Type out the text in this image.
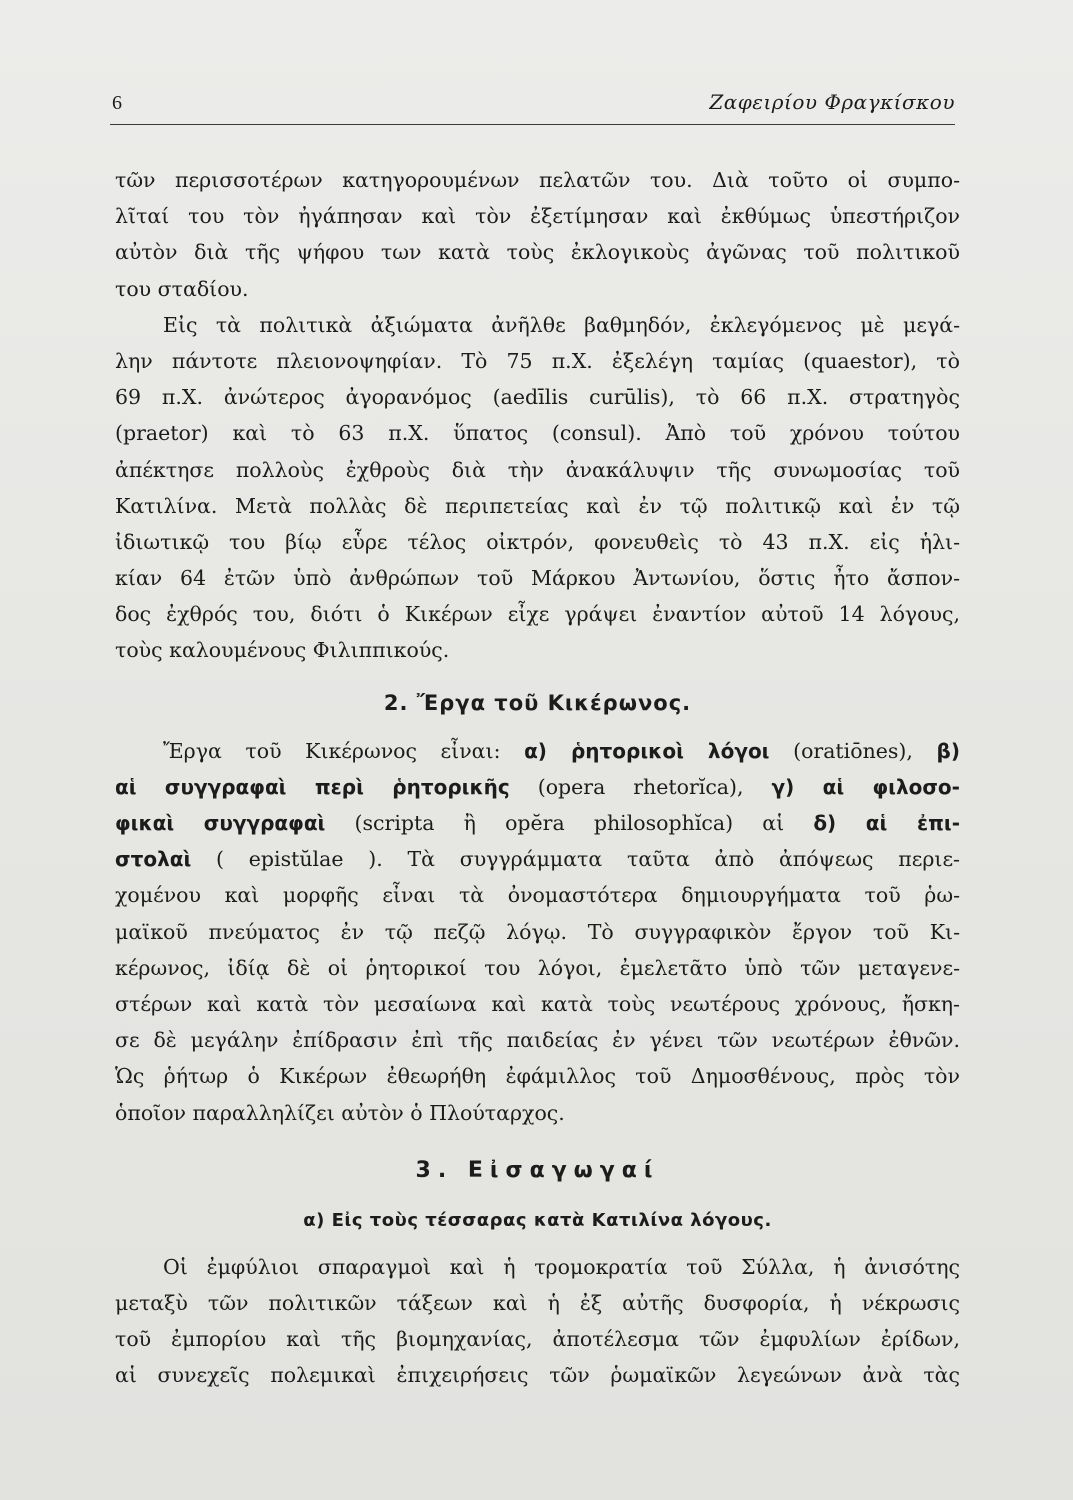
6	Ζαφειρίου Φραγκίσκου
τῶν περισσοτέρων κατηγορουμένων πελατῶν του. Διὰ τοῦτο οἱ συμπο-
λῖταί του τὸν ἠγάπησαν καὶ τὸν ἐξετίμησαν καὶ ἐκθύμως ὑπεστήριζον
αὐτὸν διὰ τῆς ψήφου των κατὰ τοὺς ἐκλογικοὺς ἀγῶνας τοῦ πολιτικοῦ
του σταδίου.
Εἰς τὰ πολιτικὰ ἀξιώματα ἀνῆλθε βαθμηδόν, ἐκλεγόμενος μὲ μεγά-
λην πάντοτε πλειονοψηφίαν. Τὸ 75 π.Χ. ἐξελέγη ταμίας (quaestor), τὸ
69 π.Χ. ἀνώτερος ἀγορανόμος (aedīlis curūlis), τὸ 66 π.Χ. στρατηγὸς
(praetor) καὶ τὸ 63 π.Χ. ὕπατος (consul). Ἀπὸ τοῦ χρόνου τούτου
ἀπέκτησε πολλοὺς ἐχθροὺς διὰ τὴν ἀνακάλυψιν τῆς συνωμοσίας τοῦ
Κατιλίνα. Μετὰ πολλὰς δὲ περιπετείας καὶ ἐν τῷ πολιτικῷ καὶ ἐν τῷ
ἰδιωτικῷ του βίῳ εὗρε τέλος οἰκτρόν, φονευθεὶς τὸ 43 π.Χ. εἰς ἡλι-
κίαν 64 ἐτῶν ὑπὸ ἀνθρώπων τοῦ Μάρκου Ἀντωνίου, ὅστις ἦτο ἄσπον-
δος ἐχθρός του, διότι ὁ Κικέρων εἶχε γράψει ἐναντίον αὐτοῦ 14 λόγους,
τοὺς καλουμένους Φιλιππικούς.
2. Ἔργα τοῦ Κικέρωνος.
Ἔργα τοῦ Κικέρωνος εἶναι: α) ῥητορικοὶ λόγοι (oratiōnes), β)
αἱ συγγραφαὶ περὶ ῥητορικῆς (opera rhetorĭca), γ) αἱ φιλοσο-
φικαὶ συγγραφαὶ (scripta ἢ opĕra philosophĭca) αἱ δ) αἱ ἐπι-
στολαὶ ( epistŭlae ). Τὰ συγγράμματα ταῦτα ἀπὸ ἀπόψεως περιε-
χομένου καὶ μορφῆς εἶναι τὰ ὀνομαστότερα δημιουργήματα τοῦ ῥω-
μαϊκοῦ πνεύματος ἐν τῷ πεζῷ λόγῳ. Τὸ συγγραφικὸν ἔργον τοῦ Κι-
κέρωνος, ἰδίᾳ δὲ οἱ ῥητορικοί του λόγοι, ἐμελετᾶτο ὑπὸ τῶν μεταγενε-
στέρων καὶ κατὰ τὸν μεσαίωνα καὶ κατὰ τοὺς νεωτέρους χρόνους, ἤσκη-
σε δὲ μεγάλην ἐπίδρασιν ἐπὶ τῆς παιδείας ἐν γένει τῶν νεωτέρων ἐθνῶν.
Ὡς ῥήτωρ ὁ Κικέρων ἐθεωρήθη ἐφάμιλλος τοῦ Δημοσθένους, πρὸς τὸν
ὁποῖον παραλληλίζει αὐτὸν ὁ Πλούταρχος.
3. Εἰσαγωγαί
α) Εἰς τοὺς τέσσαρας κατὰ Κατιλίνα λόγους.
Οἱ ἐμφύλιοι σπαραγμοὶ καὶ ἡ τρομοκρατία τοῦ Σύλλα, ἡ ἀνισότης
μεταξὺ τῶν πολιτικῶν τάξεων καὶ ἡ ἐξ αὐτῆς δυσφορία, ἡ νέκρωσις
τοῦ ἐμπορίου καὶ τῆς βιομηχανίας, ἀποτέλεσμα τῶν ἐμφυλίων ἐρίδων,
αἱ συνεχεῖς πολεμικαὶ ἐπιχειρήσεις τῶν ῥωμαϊκῶν λεγεώνων ἀνὰ τὰς
